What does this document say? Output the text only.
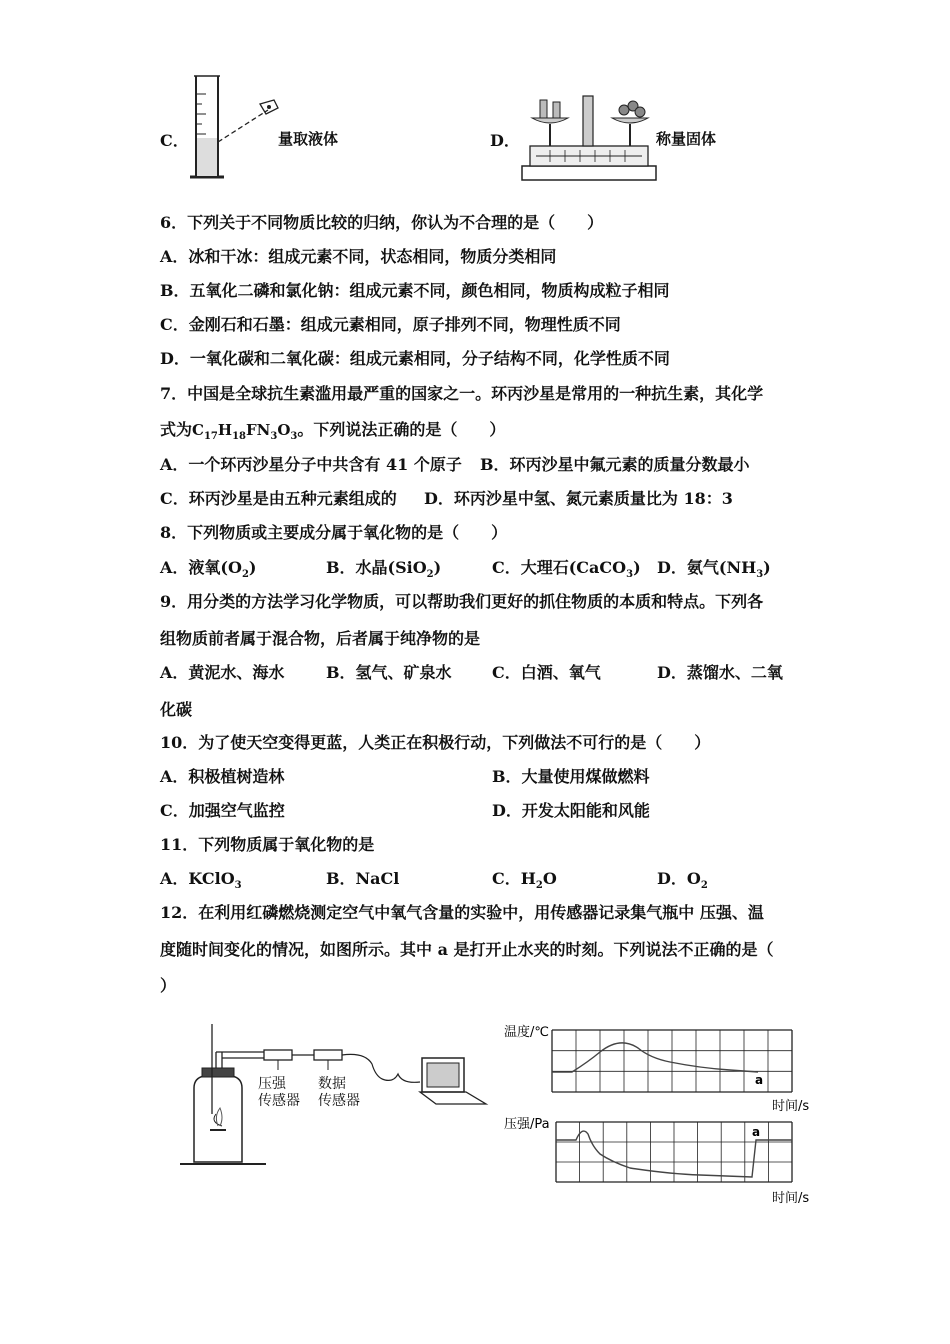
C．	量取液体	D．	称量固体
6．下列关于不同物质比较的归纳，你认为不合理的是（　　）
A．冰和干冰：组成元素不同，状态相同，物质分类相同
B．五氧化二磷和氯化钠：组成元素不同，颜色相同，物质构成粒子相同
C．金刚石和石墨：组成元素相同，原子排列不同，物理性质不同
D．一氧化碳和二氧化碳：组成元素相同，分子结构不同，化学性质不同
7．中国是全球抗生素滥用最严重的国家之一。环丙沙星是常用的一种抗生素，其化学
式为$C_{17}H_{18}FN_3O_3$。下列说法正确的是（　　）
A．一个环丙沙星分子中共含有 41 个原子 B．环丙沙星中氟元素的质量分数最小
C．环丙沙星是由五种元素组成的 D．环丙沙星中氢、氮元素质量比为 18：3
8．下列物质或主要成分属于氧化物的是（　　）
A．液氧$(O_2)$	B．水晶(SiO$_2$)	C．大理石(CaCO$_3$) D．氨气$(NH_3)$
9．用分类的方法学习化学物质，可以帮助我们更好的抓住物质的本质和特点。下列各
组物质前者属于混合物，后者属于纯净物的是
A．黄泥水、海水	B．氢气、矿泉水	C．白酒、氧气	D．蒸馏水、二氧
化碳
10．为了使天空变得更蓝，人类正在积极行动，下列做法不可行的是（　　）
A．积极植树造林	B．大量使用煤做燃料
C．加强空气监控	D．开发太阳能和风能
11．下列物质属于氧化物的是
A．KClO$_3$	B．NaCl	C．$H_2O$	D．$O_2$
12．在利用红磷燃烧测定空气中氧气含量的实验中，用传感器记录集气瓶中 压强、温
度随时间变化的情况，如图所示。其中 a 是打开止水夹的时刻。下列说法不正确的是（
）
压强
传感器
数据
传感器
温度/℃
a
时间/s
压强/Pa	a
时间/s
